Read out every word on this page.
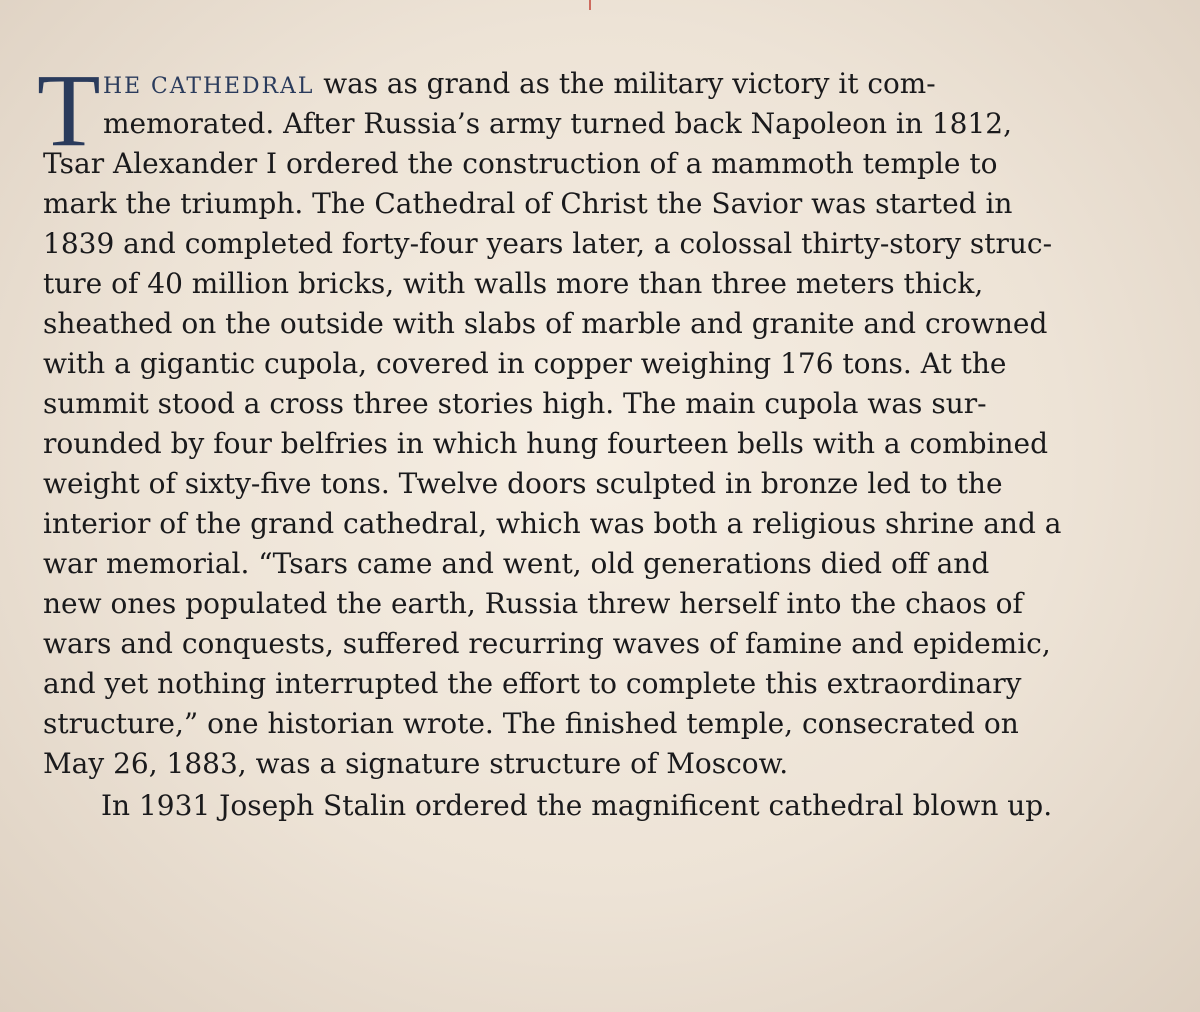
T HE CATHEDRAL was as grand as the military victory it com-
memorated. After Russia’s army turned back Napoleon in 1812,
Tsar Alexander I ordered the construction of a mammoth temple to
mark the triumph. The Cathedral of Christ the Savior was started in
1839 and completed forty-four years later, a colossal thirty-story struc-
ture of 40 million bricks, with walls more than three meters thick,
sheathed on the outside with slabs of marble and granite and crowned
with a gigantic cupola, covered in copper weighing 176 tons. At the
summit stood a cross three stories high. The main cupola was sur-
rounded by four belfries in which hung fourteen bells with a combined
weight of sixty-five tons. Twelve doors sculpted in bronze led to the
interior of the grand cathedral, which was both a religious shrine and a
war memorial. “Tsars came and went, old generations died off and
new ones populated the earth, Russia threw herself into the chaos of
wars and conquests, suffered recurring waves of famine and epidemic,
and yet nothing interrupted the effort to complete this extraordinary
structure,” one historian wrote. The finished temple, consecrated on
May 26, 1883, was a signature structure of Moscow.
In 1931 Joseph Stalin ordered the magnificent cathedral blown up.
